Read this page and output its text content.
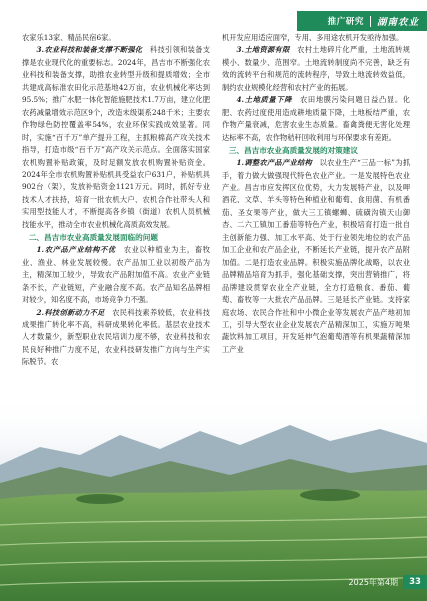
推广研究 湖南农业

农家乐13家、精品民宿6家。

3.农业科技和装备支撑不断强化　科技引领和装备支撑是农业现代化的重要标志。2024年，昌吉市不断强化农业科技和装备支撑，助推农业转型升级和提质增效；全市共建成高标准农田化示范基地42万亩，农业机械化率达到95.5%；推广水肥一体化智能施肥技术1.7万亩，建立化肥农药减量增效示范区9个，改造末级渠系248千米；主要农作物绿色防控覆盖率54%，农业环保实践成效显著。同时，实施“百千万”单产提升工程，主抓粮棉高产攻关技术指导，打造市级“百千万”高产攻关示范点。全面落实国家农机购置补贴政策，及时足额发放农机购置补贴资金。2024年全市农机购置补贴机具受益农户631户，补贴机具902台（架），发放补贴资金1121万元。同时，抓好专业技术人才扶持，培育一批农机大户、农机合作社带头人和实用型技能人才，不断提高各乡镇（街道）农机人员机械技能水平，推动全市农业机械化高质高效发展。

二、昌吉市农业高质量发展面临的问题

1.农产品产业结构不优　农业以种植业为主，畜牧业、渔业、林业发展较慢。农产品加工业以初级产品为主，精深加工较少，导致农产品附加值不高。农业产业链条不长，产业链短，产业融合度不高。农产品知名品牌相对较少，知名度不高，市场竞争力不强。

2.科技创新动力不足　农民科技素养较低，农业科技成果推广转化率不高，科研成果转化率低。基层农业技术人才数量少，新型职业农民培训力度不够，农业科技和农民良好种推广力度不足，农业科技研发推广方向与生产实际脱节。农

机开发应用适应面窄，专用、多用途农机开发亟待加强。

3.土地资源有限　农村土地碎片化严重，土地流转规模小、数量少、范围窄。土地流转制度尚不完善，缺乏有效的流转平台和规范的流转程序，导致土地流转效益低，制约农业规模化经营和农村产业的拓展。

4.土地质量下降　农田地膜污染问题日益凸显。化肥、农药过度使用造成耕地质量下降，土地板结严重，农作物产量衰减，危害农业生态质量。畜禽粪便无害化处理达标率不高，农作物秸秆回收利用与环保要求有差距。

三、昌吉市农业高质量发展的对策建议

1.调整农产品产业结构　以农业生产“三品一标”为抓手，着力做大做强现代特色农业产业。一是发展特色农业产业。昌吉市应发挥区位优势，大力发展特产业，以及呷酒花、文草、羊头等特色种植业和葡萄、食用菌、有机番茄、圣女果等产业，做大三工镇螺蛳、硫磺沟镇天山御杏、二六工镇加工番茄等特色产业，积极培育打造一批自主创新能力强、加工水平高、处于行业领先地位的农产品加工企业和农产品企业，不断延长产业链，提升农产品附加值。二是打造农业品牌。积极实施品牌化战略，以农业品牌精品培育为抓手，强化基础支撑，突出营销推广，将品牌建设贯穿农业全产业链，全方打造粮食、番茄、葡萄、畜牧等一大批农产品品牌。三是延长产业链。支持家庭农场、农民合作社和中小微企业等发展农产品产地初加工，引导大型农业企业发展农产品精深加工，实施万吨果蔬饮料加工项目，开发延伸气泡葡萄酒等有机果蔬精深加工产业

2025年第4期	33
